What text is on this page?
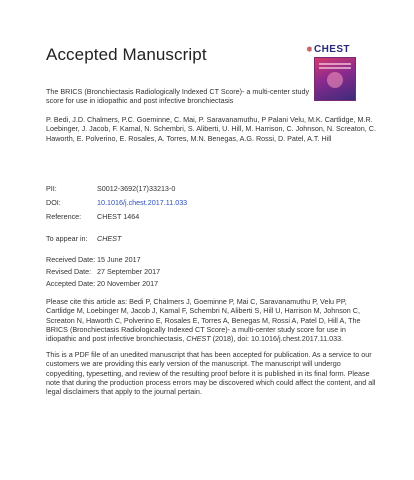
Accepted Manuscript	❅ CHEST
The BRICS (Bronchiectasis Radiologically Indexed CT Score)- a multi-center study score for use in idiopathic and post infective bronchiectasis
P. Bedi, J.D. Chalmers, P.C. Goeminne, C. Mai, P. Saravanamuthu, P Palani Velu, M.K. Cartlidge, M.R. Loebinger, J. Jacob, F. Kamal, N. Schembri, S. Aliberti, U. Hill, M. Harrison, C. Johnson, N. Screaton, C. Haworth, E. Polverino, E. Rosales, A. Torres, M.N. Benegas, A.G. Rossi, D. Patel, A.T. Hill
PII:	S0012-3692(17)33213-0
DOI:	10.1016/j.chest.2017.11.033
Reference: CHEST 1464
To appear in: CHEST
Received Date: 15 June 2017
Revised Date: 27 September 2017
Accepted Date: 20 November 2017
Please cite this article as: Bedi P, Chalmers J, Goeminne P, Mai C, Saravanamuthu P, Velu PP, Cartlidge M, Loebinger M, Jacob J, Kamal F, Schembri N, Aliberti S, Hill U, Harrison M, Johnson C, Screaton N, Haworth C, Polverino E, Rosales E, Torres A, Benegas M, Rossi A, Patel D, Hill A, The BRICS (Bronchiectasis Radiologically Indexed CT Score)- a multi-center study score for use in idiopathic and post infective bronchiectasis, CHEST (2018), doi: 10.1016/j.chest.2017.11.033.
This is a PDF file of an unedited manuscript that has been accepted for publication. As a service to our customers we are providing this early version of the manuscript. The manuscript will undergo copyediting, typesetting, and review of the resulting proof before it is published in its final form. Please note that during the production process errors may be discovered which could affect the content, and all legal disclaimers that apply to the journal pertain.
